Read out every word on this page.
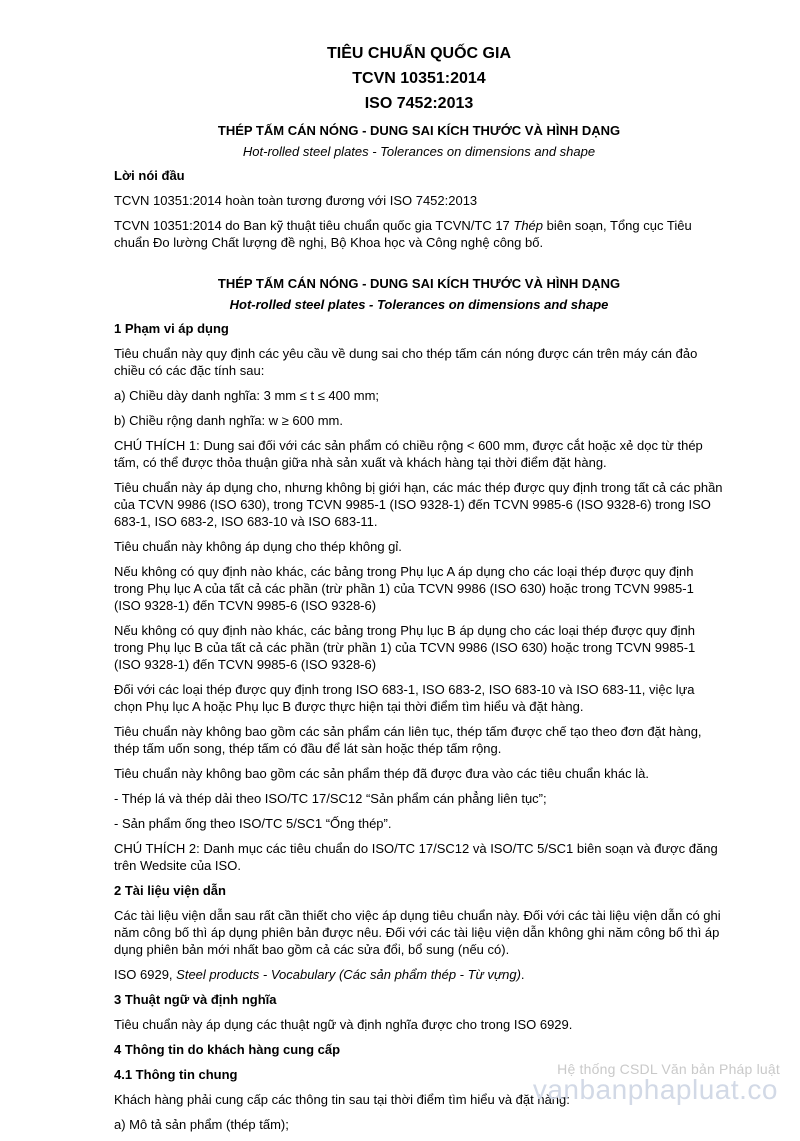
TIÊU CHUẨN QUỐC GIA
TCVN 10351:2014
ISO 7452:2013
THÉP TẤM CÁN NÓNG - DUNG SAI KÍCH THƯỚC VÀ HÌNH DẠNG
Hot-rolled steel plates - Tolerances on dimensions and shape
Lời nói đầu

TCVN 10351:2014 hoàn toàn tương đương với ISO 7452:2013

TCVN 10351:2014 do Ban kỹ thuật tiêu chuẩn quốc gia TCVN/TC 17 Thép biên soạn, Tổng cục Tiêu chuẩn Đo lường Chất lượng đề nghị, Bộ Khoa học và Công nghệ công bố.

THÉP TẤM CÁN NÓNG - DUNG SAI KÍCH THƯỚC VÀ HÌNH DẠNG
Hot-rolled steel plates - Tolerances on dimensions and shape
1 Phạm vi áp dụng

Tiêu chuẩn này quy định các yêu cầu về dung sai cho thép tấm cán nóng được cán trên máy cán đảo chiều có các đặc tính sau:

a) Chiều dày danh nghĩa: 3 mm ≤ t ≤ 400 mm;

b) Chiều rộng danh nghĩa: w ≥ 600 mm.

CHÚ THÍCH 1: Dung sai đối với các sản phẩm có chiều rộng < 600 mm, được cắt hoặc xẻ dọc từ thép tấm, có thể được thỏa thuận giữa nhà sản xuất và khách hàng tại thời điểm đặt hàng.

Tiêu chuẩn này áp dụng cho, nhưng không bị giới hạn, các mác thép được quy định trong tất cả các phần của TCVN 9986 (ISO 630), trong TCVN 9985-1 (ISO 9328-1) đến TCVN 9985-6 (ISO 9328-6) trong ISO 683-1, ISO 683-2, ISO 683-10 và ISO 683-11.

Tiêu chuẩn này không áp dụng cho thép không gỉ.

Nếu không có quy định nào khác, các bảng trong Phụ lục A áp dụng cho các loại thép được quy định trong Phụ lục A của tất cả các phần (trừ phần 1) của TCVN 9986 (ISO 630) hoặc trong TCVN 9985-1 (ISO 9328-1) đến TCVN 9985-6 (ISO 9328-6)

Nếu không có quy định nào khác, các bảng trong Phụ lục B áp dụng cho các loại thép được quy định trong Phụ lục B của tất cả các phần (trừ phần 1) của TCVN 9986 (ISO 630) hoặc trong TCVN 9985-1 (ISO 9328-1) đến TCVN 9985-6 (ISO 9328-6)

Đối với các loại thép được quy định trong ISO 683-1, ISO 683-2, ISO 683-10 và ISO 683-11, việc lựa chọn Phụ lục A hoặc Phụ lục B được thực hiện tại thời điểm tìm hiểu và đặt hàng.

Tiêu chuẩn này không bao gồm các sản phẩm cán liên tục, thép tấm được chế tạo theo đơn đặt hàng, thép tấm uốn song, thép tấm có đầu để lát sàn hoặc thép tấm rộng.

Tiêu chuẩn này không bao gồm các sản phẩm thép đã được đưa vào các tiêu chuẩn khác là.

- Thép lá và thép dải theo ISO/TC 17/SC12 “Sản phẩm cán phẳng liên tục”;

- Sản phẩm ống theo ISO/TC 5/SC1 “Ống thép”.

CHÚ THÍCH 2: Danh mục các tiêu chuẩn do ISO/TC 17/SC12 và ISO/TC 5/SC1 biên soạn và được đăng trên Wedsite của ISO.

2 Tài liệu viện dẫn

Các tài liệu viện dẫn sau rất cần thiết cho việc áp dụng tiêu chuẩn này. Đối với các tài liệu viện dẫn có ghi năm công bố thì áp dụng phiên bản được nêu. Đối với các tài liệu viện dẫn không ghi năm công bố thì áp dụng phiên bản mới nhất bao gồm cả các sửa đổi, bổ sung (nếu có).

ISO 6929, Steel products - Vocabulary (Các sản phẩm thép - Từ vựng).

3 Thuật ngữ và định nghĩa

Tiêu chuẩn này áp dụng các thuật ngữ và định nghĩa được cho trong ISO 6929.

4 Thông tin do khách hàng cung cấp
4.1 Thông tin chung

Khách hàng phải cung cấp các thông tin sau tại thời điểm tìm hiểu và đặt hàng:

a) Mô tả sản phẩm (thép tấm);

Hệ thống CSDL Văn bản Pháp luật
vanbanphapluat.co
